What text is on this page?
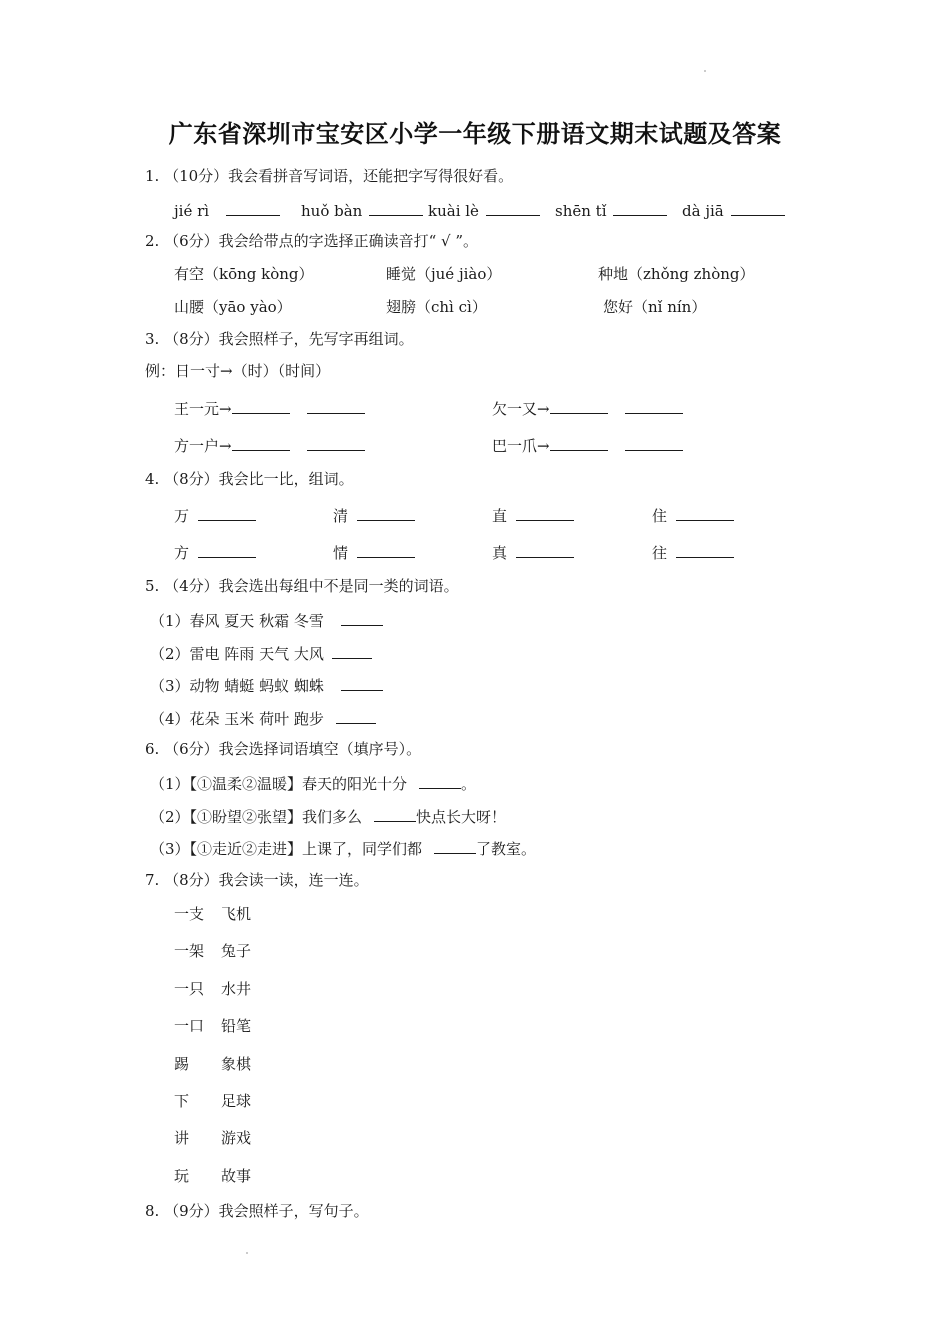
广东省深圳市宝安区小学一年级下册语文期末试题及答案
1. （10分）我会看拼音写词语，还能把字写得很好看。
jié rì	huǒ bàn	kuài lè	shēn tǐ	dà jiā
2. （6分）我会给带点的字选择正确读音打“ √ ”。
有空（kōng kòng）	睡觉（jué jiào）	种地（zhǒng zhòng）
山腰（yāo yào）	翅膀（chì cì）	您好（nǐ nín）
3. （8分）我会照样子，先写字再组词。
例：日一寸→（时）（时间）
王一元→	欠一又→
方一户→	巴一爪→
4. （8分）我会比一比，组词。
万	清	直	住
方	情	真	往
5. （4分）我会选出每组中不是同一类的词语。
（1）春风 夏天 秋霜 冬雪
（2）雷电 阵雨 天气 大风
（3）动物 蜻蜓 蚂蚁 蜘蛛
（4）花朵 玉米 荷叶 跑步
6. （6分）我会选择词语填空（填序号）。
（1）【①温柔②温暖】春天的阳光十分	。
（2）【①盼望②张望】我们多么	快点长大呀！
（3）【①走近②走进】上课了，同学们都	了教室。
7. （8分）我会读一读，连一连。
一支 飞机
一架 兔子
一只 水井
一口 铅笔
踢 象棋
下 足球
讲 游戏
玩 故事
8. （9分）我会照样子，写句子。
